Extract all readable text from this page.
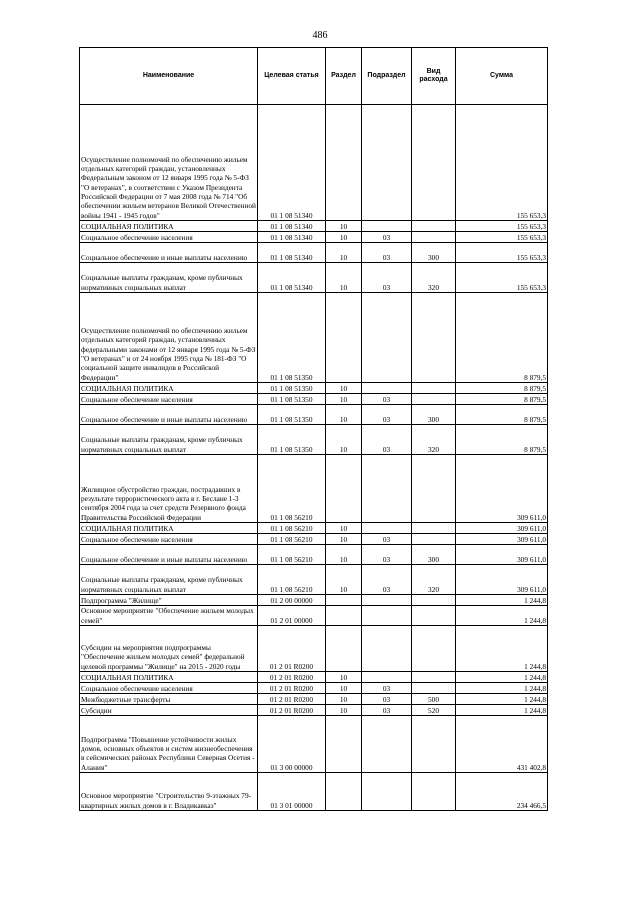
486
Наименование	Целевая статья	Раздел	Подраздел	Вид расхода	Сумма
Осуществление полномочий по обеспечению жильем отдельных категорий граждан, установленных Федеральным законом от 12 января 1995 года № 5-ФЗ "О ветеранах", в соответствии с Указом Президента Российской Федерации от 7 мая 2008 года № 714 "Об обеспечении жильем ветеранов Великой Отечественной войны 1941 - 1945 годов"	01 1 08 51340				155 653,3
СОЦИАЛЬНАЯ ПОЛИТИКА	01 1 08 51340	10			155 653,3
Социальное обеспечение населения	01 1 08 51340	10	03		155 653,3
Социальное обеспечение и иные выплаты населению	01 1 08 51340	10	03	300	155 653,3
Социальные выплаты гражданам, кроме публичных нормативных социальных выплат	01 1 08 51340	10	03	320	155 653,3
Осуществление полномочий по обеспечению жильем отдельных категорий граждан, установленных федеральными законами от 12 января 1995 года № 5-ФЗ "О ветеранах" и от 24 ноября 1995 года № 181-ФЗ "О социальной защите инвалидов в Российской Федерации"	01 1 08 51350				8 879,5
СОЦИАЛЬНАЯ ПОЛИТИКА	01 1 08 51350	10			8 879,5
Социальное обеспечение населения	01 1 08 51350	10	03		8 879,5
Социальное обеспечение и иные выплаты населению	01 1 08 51350	10	03	300	8 879,5
Социальные выплаты гражданам, кроме публичных нормативных социальных выплат	01 1 08 51350	10	03	320	8 879,5
Жилищное обустройство граждан, пострадавших в результате террористического акта в г. Беслане 1-3 сентября 2004 года за счет средств Резервного фонда Правительства Российской Федерации	01 1 08 56210				309 611,0
СОЦИАЛЬНАЯ ПОЛИТИКА	01 1 08 56210	10			309 611,0
Социальное обеспечение населения	01 1 08 56210	10	03		309 611,0
Социальное обеспечение и иные выплаты населению	01 1 08 56210	10	03	300	309 611,0
Социальные выплаты гражданам, кроме публичных нормативных социальных выплат	01 1 08 56210	10	03	320	309 611,0
Подпрограмма "Жилище"	01 2 00 00000				1 244,8
Основное мероприятие "Обеспечение жильем молодых семей"	01 2 01 00000				1 244,8
Субсидии на мероприятия подпрограммы "Обеспечение жильем молодых семей" федеральной целевой программы "Жилище" на 2015 - 2020 годы	01 2 01 R0200				1 244,8
СОЦИАЛЬНАЯ ПОЛИТИКА	01 2 01 R0200	10			1 244,8
Социальное обеспечение населения	01 2 01 R0200	10	03		1 244,8
Межбюджетные трансферты	01 2 01 R0200	10	03	500	1 244,8
Субсидии	01 2 01 R0200	10	03	520	1 244,8
Подпрограмма "Повышение устойчивости жилых домов, основных объектов и систем жизнеобеспечения в сейсмических районах Республики Северная Осетия - Алания"	01 3 00 00000				431 402,8
Основное мероприятие "Строительство 9-этажных 79-квартирных жилых домов в г. Владикавказ"	01 3 01 00000				234 466,5
